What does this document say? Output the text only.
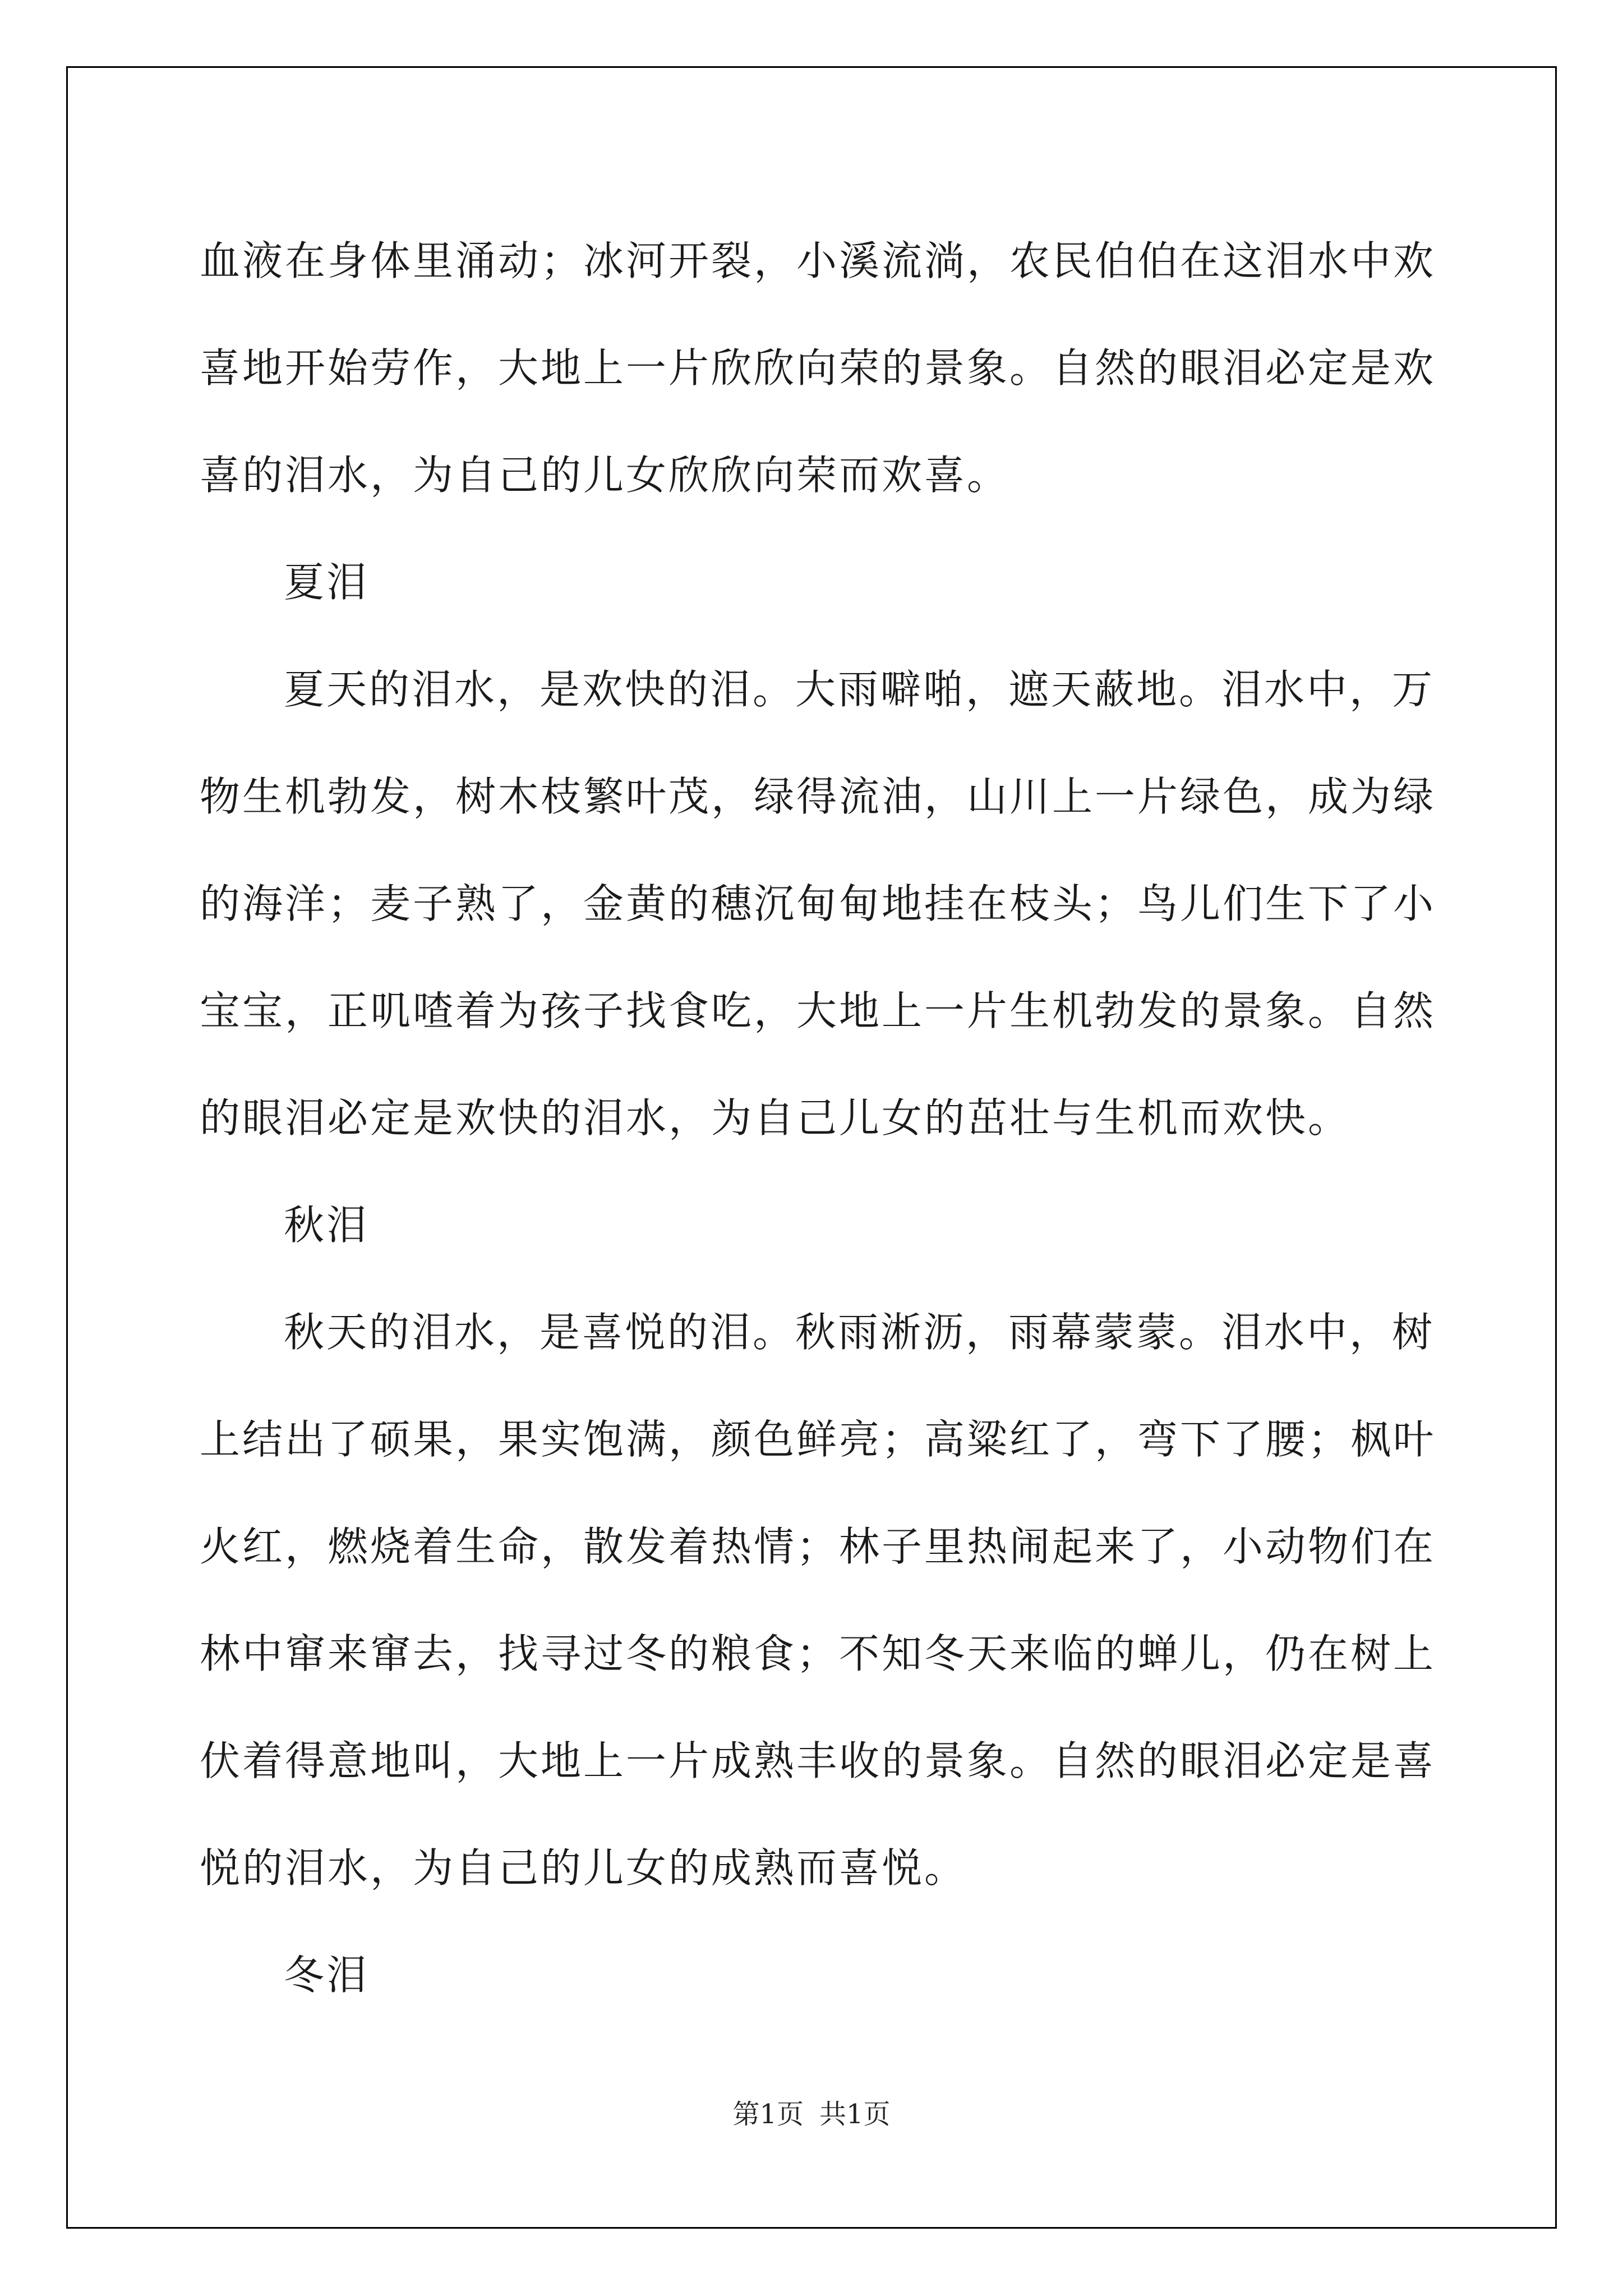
血液在身体里涌动；冰河开裂，小溪流淌，农民伯伯在这泪水中欢喜地开始劳作，大地上一片欣欣向荣的景象。自然的眼泪必定是欢喜的泪水，为自己的儿女欣欣向荣而欢喜。

夏泪

夏天的泪水，是欢快的泪。大雨噼啪，遮天蔽地。泪水中，万物生机勃发，树木枝繁叶茂，绿得流油，山川上一片绿色，成为绿的海洋；麦子熟了，金黄的穗沉甸甸地挂在枝头；鸟儿们生下了小宝宝，正叽喳着为孩子找食吃，大地上一片生机勃发的景象。自然的眼泪必定是欢快的泪水，为自己儿女的茁壮与生机而欢快。

秋泪

秋天的泪水，是喜悦的泪。秋雨淅沥，雨幕蒙蒙。泪水中，树上结出了硕果，果实饱满，颜色鲜亮；高粱红了，弯下了腰；枫叶火红，燃烧着生命，散发着热情；林子里热闹起来了，小动物们在林中窜来窜去，找寻过冬的粮食；不知冬天来临的蝉儿，仍在树上伏着得意地叫，大地上一片成熟丰收的景象。自然的眼泪必定是喜悦的泪水，为自己的儿女的成熟而喜悦。

冬泪

第1页 共1页
